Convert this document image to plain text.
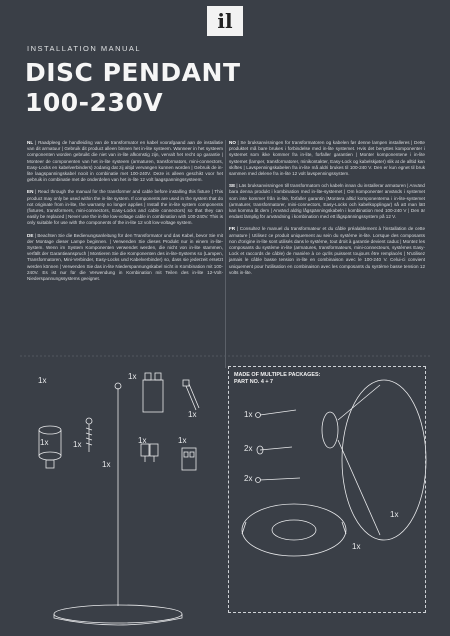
il
INSTALLATION MANUAL
DISC PENDANT
100-230V

NL | Raadpleeg de handleiding van de transformator en kabel voorafgaand aan de installatie van dit armatuur | Gebruik dit product alleen binnen het in-lite systeem. Wanneer in het systeem componenten worden gebruikt die niet van in-lite afkomstig zijn, vervalt het recht op garantie | Monteer de componenten van het in-lite systeem (armaturen, transformators, mini-connectors, Easy-Locks en kabelverbinders) zodanig dat zij altijd vervangen kunnen worden | Gebruik de in-lite laagspanningskabel nooit in combinatie met 100-240V. Deze is alleen geschikt voor het gebruik in combinatie met de onderdelen van het in-lite 12 volt laagspanningssysteem.

EN | Read through the manual for the transformer and cable before installing this fixture | This product may only be used within the in-lite system. If components are used in the system that do not originate from in-lite, the warranty no longer applies | Install the in-lite system components (fixtures, transformers, mini-connectors, Easy-Locks and cable connectors) so that they can easily be replaced | Never use the in-lite low-voltage cable in combination with 100-240V. This is only suitable for use with the components of the in-lite 12 volt low-voltage system.

DE | Beachten Sie die Bedienungsanleitung für den Transformator und das Kabel, bevor Sie mit der Montage dieser Lampe beginnen. | Verwenden Sie dieses Produkt nur in einem in-lite-System. Wenn im System Komponenten verwendet werden, die nicht von in-lite stammen, verfällt der Garantieanspruch | Montieren Sie die Komponenten des in-lite-Systems so (Lampen, Transformatoren, Mini-Verbinder, Easy-Locks und Kabelverbinder) so, dass sie jederzeit ersetzt werden können | Verwenden Sie das in-lite Niederspannungskabel nicht in Kombination mit 100-240V. Es ist nur für die Verwendung in Kombination mit Teilen des in-lite 12-Volt-Niederspannungssystems geeignet.

NO | Se bruksanvisningen for transformatoren og kabelen før denne lampen installeres | Dette produktet må bare brukes i forbindelse med in-lite systemet. Hvis det benyttes komponenter i systemet som ikke kommer fra in-lite, forfaller garantien | Monter komponentene i in-lite systemet (lamper, transformatorer, minikontakter, Easy-Lock og kabelskjøter) slik at de alltid kan skiftes | Lavspenningskabelen fra in-lite må aldri brukes til 100-240 V. Den er kun egnet til bruk sammen med delene fra in-lite 12 volt lavspenningssystem.

SE | Läs bruksanvisningen till transformatorn och kabeln innan du installerar armaturen | Använd bara denna produkt i kombination med in-lite-systemet | Om komponenter används i systemet som inte kommer från in-lite, förfaller garantin |Montera alltid komponenterna i in-lite-systemet (armaturer, transformatorer, mini-connectors, Easy-Locks och kabelkopplingar) så att man lätt kan komma åt dem | Använd aldrig lågspänningskabeln i kombination med 100-240 V | Den är endast lämplig för användning i kombination med ett lågspänningssystem på 12 V.

FR | Consultez le manuel du transformateur et du câble préalablement à l'installation de cette armature | Utilisez ce produit uniquement au sein du système in-lite. Lorsque des composants non d'origine in-lite sont utilisés dans le système, tout droit à garantie devient caduc | Montez les composants du système in-lite (armatures, transformateurs, mini-connecteurs, systèmes Easy-Lock et raccords de câble) de manière à ce qu'ils puissent toujours être remplacés | N'utilisez jamais le câble basse tension in-lite en combinaison avec le 100-240 V. Celui-ci convient uniquement pour l'utilisation en combinaison avec les composants du système basse tension 12 volts in-lite.

MADE OF MULTIPLE PACKAGES:
PART NO. 4 + 7
1x	1x
1x
1x	1x	1x
1x
1x
1x
2x
2x
1x
1x
